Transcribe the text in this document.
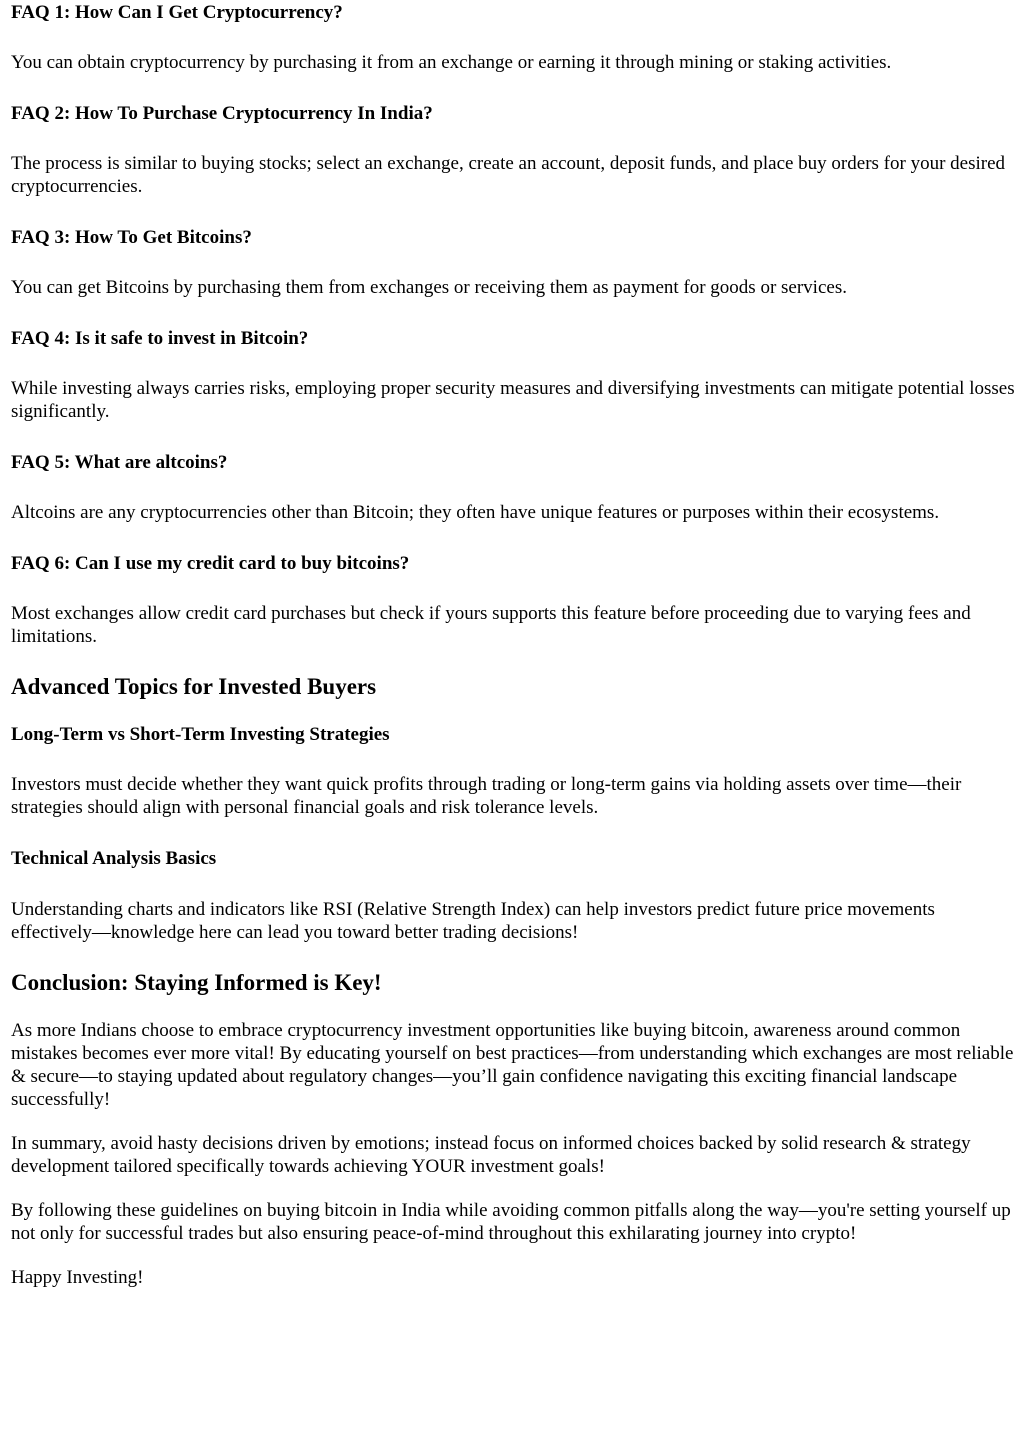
FAQ 1: How Can I Get Cryptocurrency?

You can obtain cryptocurrency by purchasing it from an exchange or earning it through mining or staking activities.

FAQ 2: How To Purchase Cryptocurrency In India?

The process is similar to buying stocks; select an exchange, create an account, deposit funds, and place buy orders for your desired cryptocurrencies.

FAQ 3: How To Get Bitcoins?

You can get Bitcoins by purchasing them from exchanges or receiving them as payment for goods or services.

FAQ 4: Is it safe to invest in Bitcoin?

While investing always carries risks, employing proper security measures and diversifying investments can mitigate potential losses significantly.

FAQ 5: What are altcoins?

Altcoins are any cryptocurrencies other than Bitcoin; they often have unique features or purposes within their ecosystems.

FAQ 6: Can I use my credit card to buy bitcoins?

Most exchanges allow credit card purchases but check if yours supports this feature before proceeding due to varying fees and limitations.

Advanced Topics for Invested Buyers
Long-Term vs Short-Term Investing Strategies

Investors must decide whether they want quick profits through trading or long-term gains via holding assets over time—their strategies should align with personal financial goals and risk tolerance levels.

Technical Analysis Basics

Understanding charts and indicators like RSI (Relative Strength Index) can help investors predict future price movements effectively—knowledge here can lead you toward better trading decisions!

Conclusion: Staying Informed is Key!

As more Indians choose to embrace cryptocurrency investment opportunities like buying bitcoin, awareness around common mistakes becomes ever more vital! By educating yourself on best practices—from understanding which exchanges are most reliable & secure—to staying updated about regulatory changes—you’ll gain confidence navigating this exciting financial landscape successfully!

In summary, avoid hasty decisions driven by emotions; instead focus on informed choices backed by solid research & strategy development tailored specifically towards achieving YOUR investment goals!

By following these guidelines on buying bitcoin in India while avoiding common pitfalls along the way—you're setting yourself up not only for successful trades but also ensuring peace-of-mind throughout this exhilarating journey into crypto!

Happy Investing!
